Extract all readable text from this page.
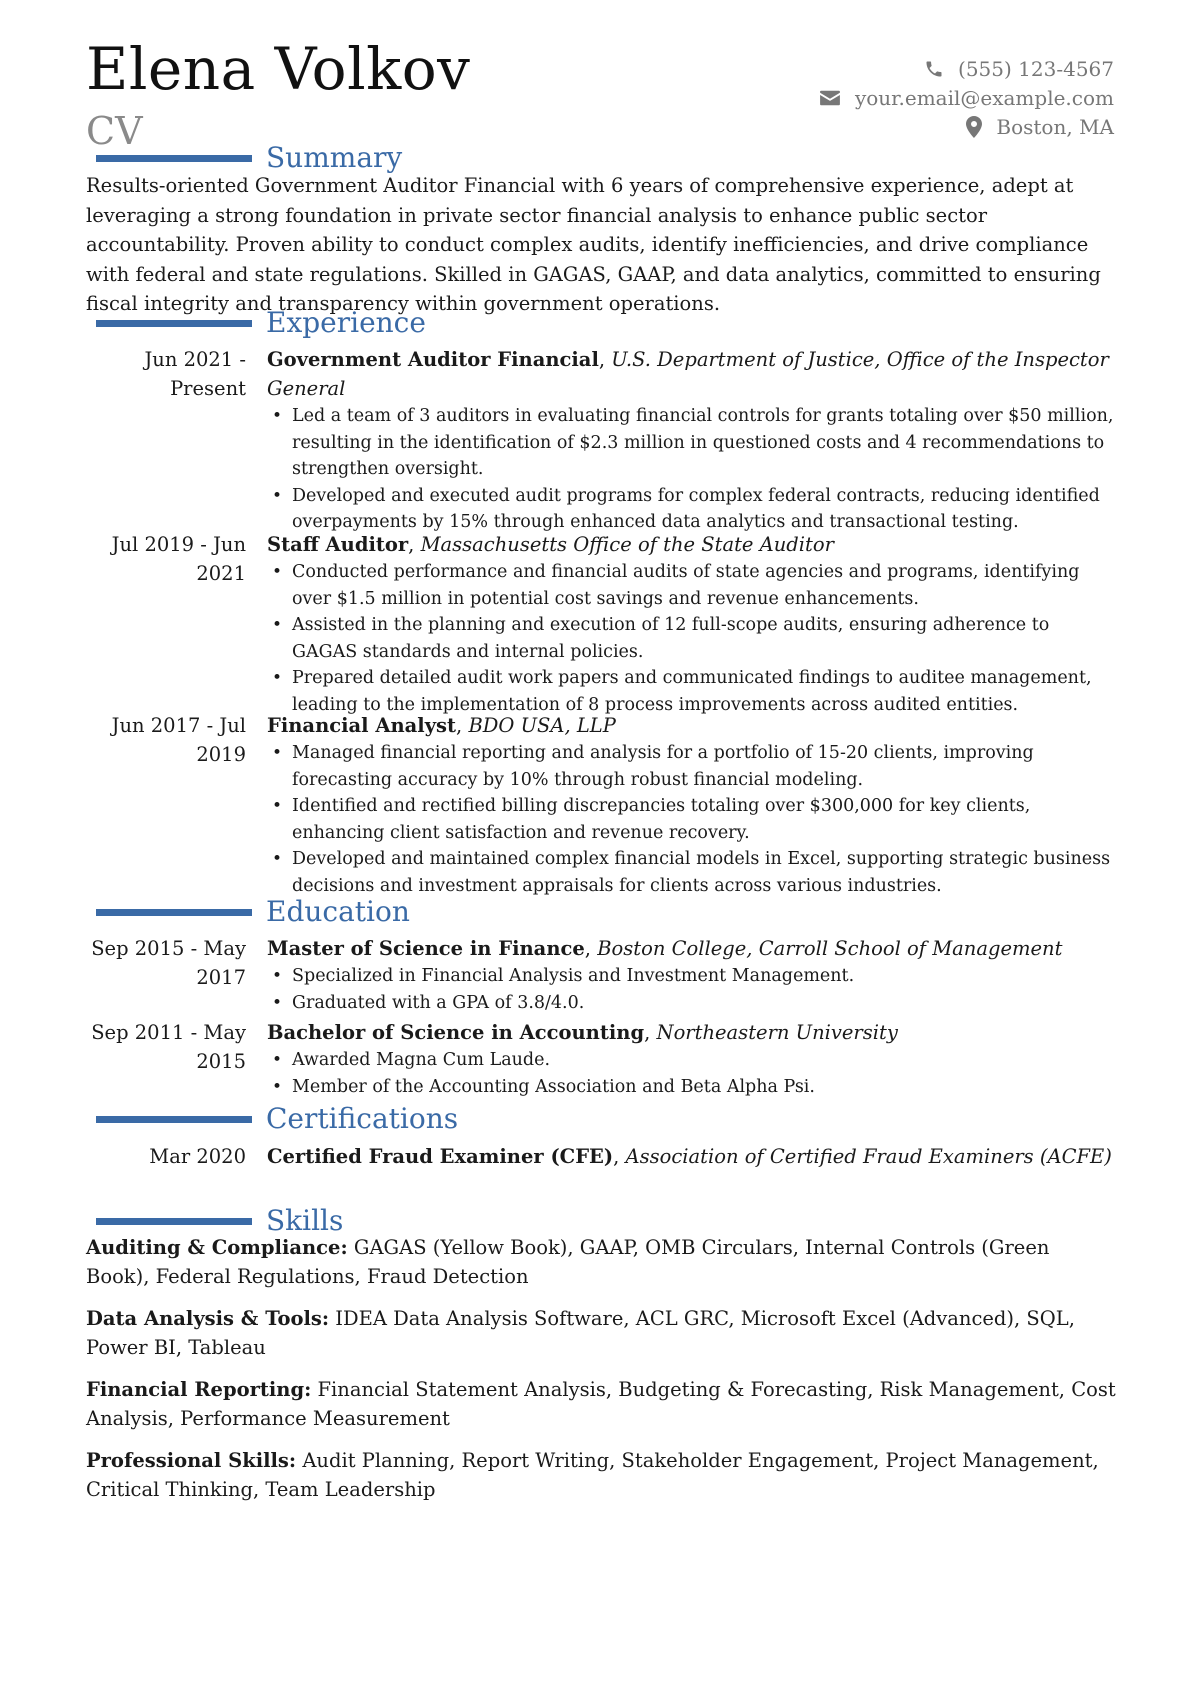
Elena Volkov
CV
(555) 123-4567
your.email@example.com
Boston, MA
Summary
Results-oriented Government Auditor Financial with 6 years of comprehensive experience, adept at leveraging a strong foundation in private sector financial analysis to enhance public sector accountability. Proven ability to conduct complex audits, identify inefficiencies, and drive compliance with federal and state regulations. Skilled in GAGAS, GAAP, and data analytics, committed to ensuring fiscal integrity and transparency within government operations.
Experience
Jun 2021 - Present
Government Auditor Financial, U.S. Department of Justice, Office of the Inspector General
• Led a team of 3 auditors in evaluating financial controls for grants totaling over $50 million, resulting in the identification of $2.3 million in questioned costs and 4 recommendations to strengthen oversight.
• Developed and executed audit programs for complex federal contracts, reducing identified overpayments by 15% through enhanced data analytics and transactional testing.
Jul 2019 - Jun 2021
Staff Auditor, Massachusetts Office of the State Auditor
• Conducted performance and financial audits of state agencies and programs, identifying over $1.5 million in potential cost savings and revenue enhancements.
• Assisted in the planning and execution of 12 full-scope audits, ensuring adherence to GAGAS standards and internal policies.
• Prepared detailed audit work papers and communicated findings to auditee management, leading to the implementation of 8 process improvements across audited entities.
Jun 2017 - Jul 2019
Financial Analyst, BDO USA, LLP
• Managed financial reporting and analysis for a portfolio of 15-20 clients, improving forecasting accuracy by 10% through robust financial modeling.
• Identified and rectified billing discrepancies totaling over $300,000 for key clients, enhancing client satisfaction and revenue recovery.
• Developed and maintained complex financial models in Excel, supporting strategic business decisions and investment appraisals for clients across various industries.
Education
Sep 2015 - May 2017
Master of Science in Finance, Boston College, Carroll School of Management
• Specialized in Financial Analysis and Investment Management.
• Graduated with a GPA of 3.8/4.0.
Sep 2011 - May 2015
Bachelor of Science in Accounting, Northeastern University
• Awarded Magna Cum Laude.
• Member of the Accounting Association and Beta Alpha Psi.
Certifications
Mar 2020 Certified Fraud Examiner (CFE), Association of Certified Fraud Examiners (ACFE)
Skills
Auditing & Compliance: GAGAS (Yellow Book), GAAP, OMB Circulars, Internal Controls (Green Book), Federal Regulations, Fraud Detection
Data Analysis & Tools: IDEA Data Analysis Software, ACL GRC, Microsoft Excel (Advanced), SQL, Power BI, Tableau
Financial Reporting: Financial Statement Analysis, Budgeting & Forecasting, Risk Management, Cost Analysis, Performance Measurement
Professional Skills: Audit Planning, Report Writing, Stakeholder Engagement, Project Management, Critical Thinking, Team Leadership
